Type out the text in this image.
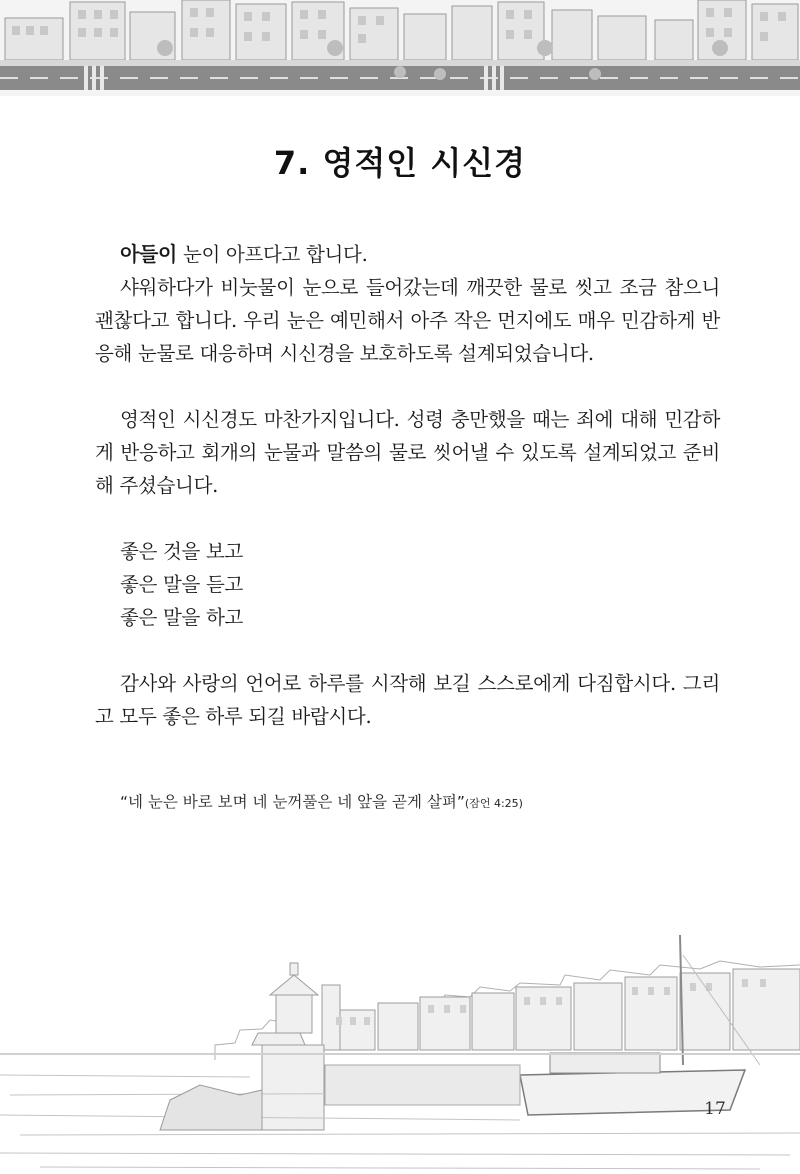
7. 영적인 시신경

아들이 눈이 아프다고 합니다.

샤워하다가 비눗물이 눈으로 들어갔는데 깨끗한 물로 씻고 조금 참으니 괜찮다고 합니다. 우리 눈은 예민해서 아주 작은 먼지에도 매우 민감하게 반응해 눈물로 대응하며 시신경을 보호하도록 설계되었습니다.

영적인 시신경도 마찬가지입니다. 성령 충만했을 때는 죄에 대해 민감하게 반응하고 회개의 눈물과 말씀의 물로 씻어낼 수 있도록 설계되었고 준비해 주셨습니다.

좋은 것을 보고

좋은 말을 듣고

좋은 말을 하고

감사와 사랑의 언어로 하루를 시작해 보길 스스로에게 다짐합시다. 그리고 모두 좋은 하루 되길 바랍시다.

“네 눈은 바로 보며 네 눈꺼풀은 네 앞을 곧게 살펴”(잠언 4:25)
17
